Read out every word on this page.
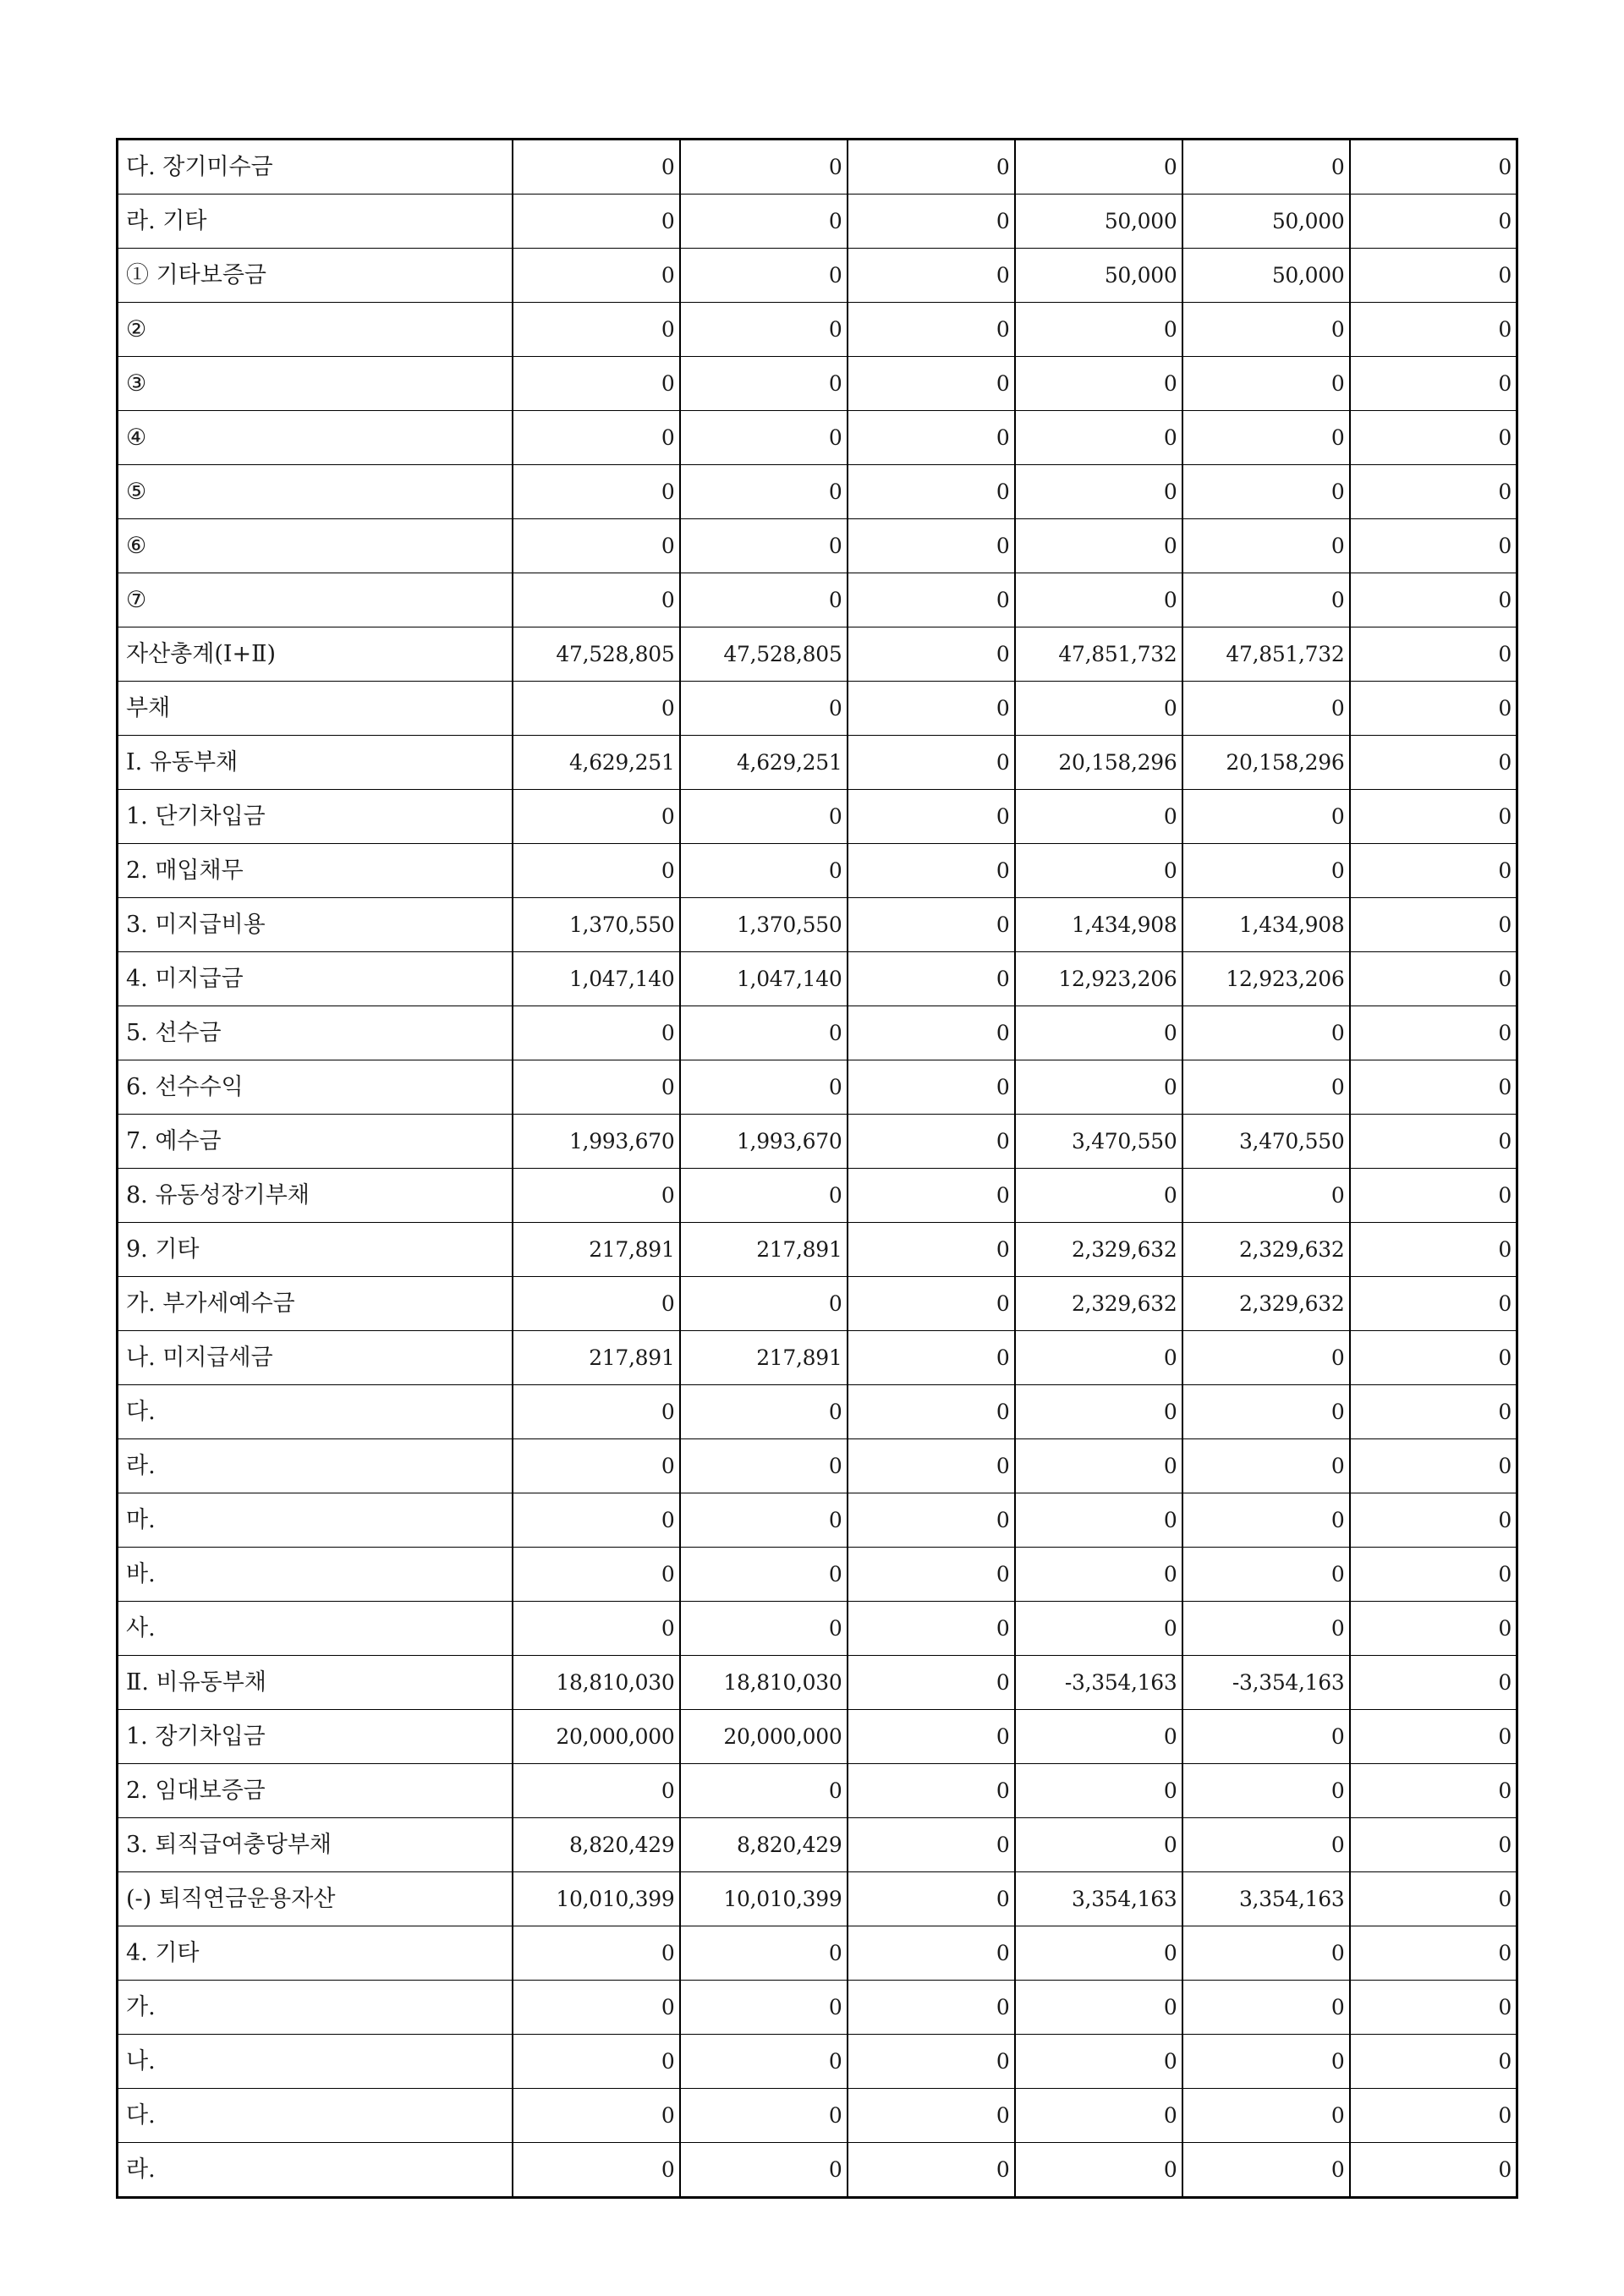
다. 장기미수금	0	0	0	0	0	0
라. 기타	0	0	0	50,000	50,000	0
① 기타보증금	0	0	0	50,000	50,000	0
②	0	0	0	0	0	0
③	0	0	0	0	0	0
④	0	0	0	0	0	0
⑤	0	0	0	0	0	0
⑥	0	0	0	0	0	0
⑦	0	0	0	0	0	0
자산총계(Ⅰ+Ⅱ)	47,528,805	47,528,805	0	47,851,732	47,851,732	0
부채	0	0	0	0	0	0
Ⅰ. 유동부채	4,629,251	4,629,251	0	20,158,296	20,158,296	0
1. 단기차입금	0	0	0	0	0	0
2. 매입채무	0	0	0	0	0	0
3. 미지급비용	1,370,550	1,370,550	0	1,434,908	1,434,908	0
4. 미지급금	1,047,140	1,047,140	0	12,923,206	12,923,206	0
5. 선수금	0	0	0	0	0	0
6. 선수수익	0	0	0	0	0	0
7. 예수금	1,993,670	1,993,670	0	3,470,550	3,470,550	0
8. 유동성장기부채	0	0	0	0	0	0
9. 기타	217,891	217,891	0	2,329,632	2,329,632	0
가. 부가세예수금	0	0	0	2,329,632	2,329,632	0
나. 미지급세금	217,891	217,891	0	0	0	0
다.	0	0	0	0	0	0
라.	0	0	0	0	0	0
마.	0	0	0	0	0	0
바.	0	0	0	0	0	0
사.	0	0	0	0	0	0
Ⅱ. 비유동부채	18,810,030	18,810,030	0	-3,354,163	-3,354,163	0
1. 장기차입금	20,000,000	20,000,000	0	0	0	0
2. 임대보증금	0	0	0	0	0	0
3. 퇴직급여충당부채	8,820,429	8,820,429	0	0	0	0
(-) 퇴직연금운용자산	10,010,399	10,010,399	0	3,354,163	3,354,163	0
4. 기타	0	0	0	0	0	0
가.	0	0	0	0	0	0
나.	0	0	0	0	0	0
다.	0	0	0	0	0	0
라.	0	0	0	0	0	0
